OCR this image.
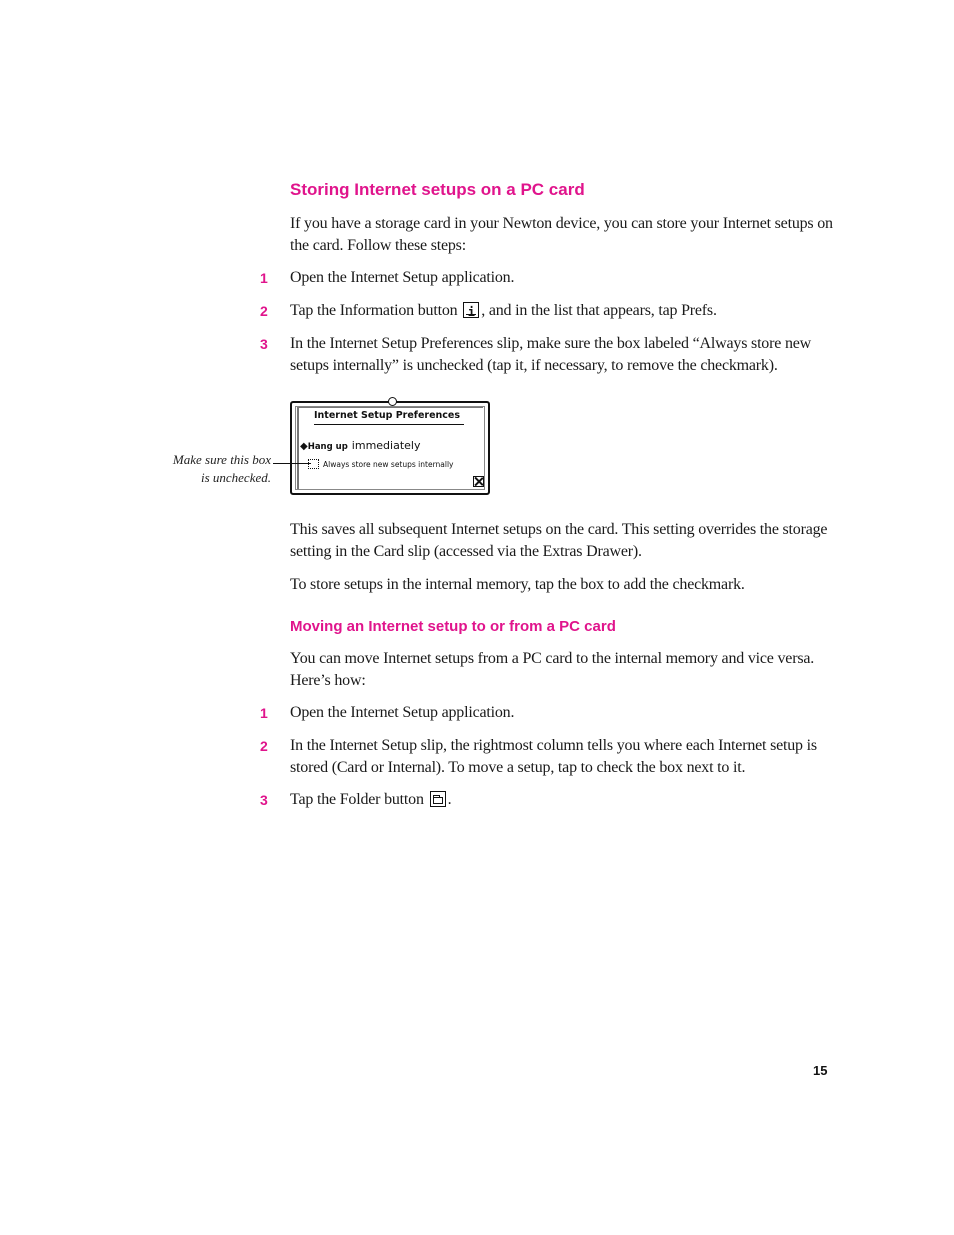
Storing Internet setups on a PC card

If you have a storage card in your Newton device, you can store your Internet setups on the card. Follow these steps:

1 Open the Internet Setup application.

2 Tap the Information button i, and in the list that appears, tap Prefs.

3 In the Internet Setup Preferences slip, make sure the box labeled “Always store new setups internally” is unchecked (tap it, if necessary, to remove the checkmark).

Internet Setup Preferences
◆Hang up immediately
Always store new setups internally
Make sure this box
is unchecked.

This saves all subsequent Internet setups on the card. This setting overrides the storage setting in the Card slip (accessed via the Extras Drawer).

To store setups in the internal memory, tap the box to add the checkmark.

Moving an Internet setup to or from a PC card

You can move Internet setups from a PC card to the internal memory and vice versa. Here’s how:

1 Open the Internet Setup application.

2 In the Internet Setup slip, the rightmost column tells you where each Internet setup is stored (Card or Internal). To move a setup, tap to check the box next to it.

3 Tap the Folder button .

15
